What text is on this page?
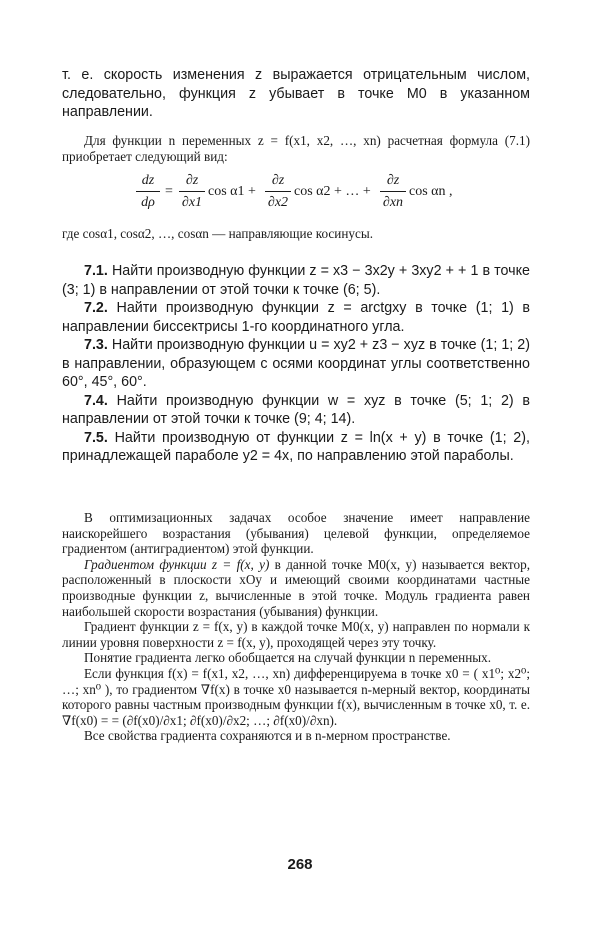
т. е. скорость изменения z выражается отрицательным числом, следовательно, функция z убывает в точке M0 в указанном направлении.

Для функции n переменных z = f(x1, x2, …, xn) расчетная формула (7.1) приобретает следующий вид:

dz
dρ
=
∂z
∂x1
cos α1 +
∂z
∂x2
cos α2 + … +
∂z
∂xn
cos αn ,

где cosα1, cosα2, …, cosαn — направляющие косинусы.

7.1. Найти производную функции z = x3 − 3x2y + 3xy2 + + 1 в точке (3; 1) в направлении от этой точки к точке (6; 5).

7.2. Найти производную функции z = arctgxy в точке (1; 1) в направлении биссектрисы 1-го координатного угла.

7.3. Найти производную функции u = xy2 + z3 − xyz в точке (1; 1; 2) в направлении, образующем с осями координат углы соответственно 60°, 45°, 60°.

7.4. Найти производную функции w = xyz в точке (5; 1; 2) в направлении от этой точки к точке (9; 4; 14).

7.5. Найти производную от функции z = ln(x + y) в точке (1; 2), принадлежащей параболе y2 = 4x, по направлению этой параболы.

В оптимизационных задачах особое значение имеет направление наискорейшего возрастания (убывания) целевой функции, определяемое градиентом (антиградиентом) этой функции.

Градиентом функции z = f(x, y) в данной точке M0(x, y) называется вектор, расположенный в плоскости xOy и имеющий своими координатами частные производные функции z, вычисленные в этой точке. Модуль градиента равен наибольшей скорости возрастания (убывания) функции.

Градиент функции z = f(x, y) в каждой точке M0(x, y) направлен по нормали к линии уровня поверхности z = f(x, y), проходящей через эту точку.

Понятие градиента легко обобщается на случай функции n переменных.

Если функция f(x) = f(x1, x2, …, xn) дифференцируема в точке x0 = ( x1⁰; x2⁰; …; xn⁰ ), то градиентом ∇f(x) в точке x0 называется n-мерный вектор, координаты которого равны частным производным функции f(x), вычисленным в точке x0, т. е. ∇f(x0) = = (∂f(x0)/∂x1; ∂f(x0)/∂x2; …; ∂f(x0)/∂xn).

Все свойства градиента сохраняются и в n-мерном пространстве.

268
